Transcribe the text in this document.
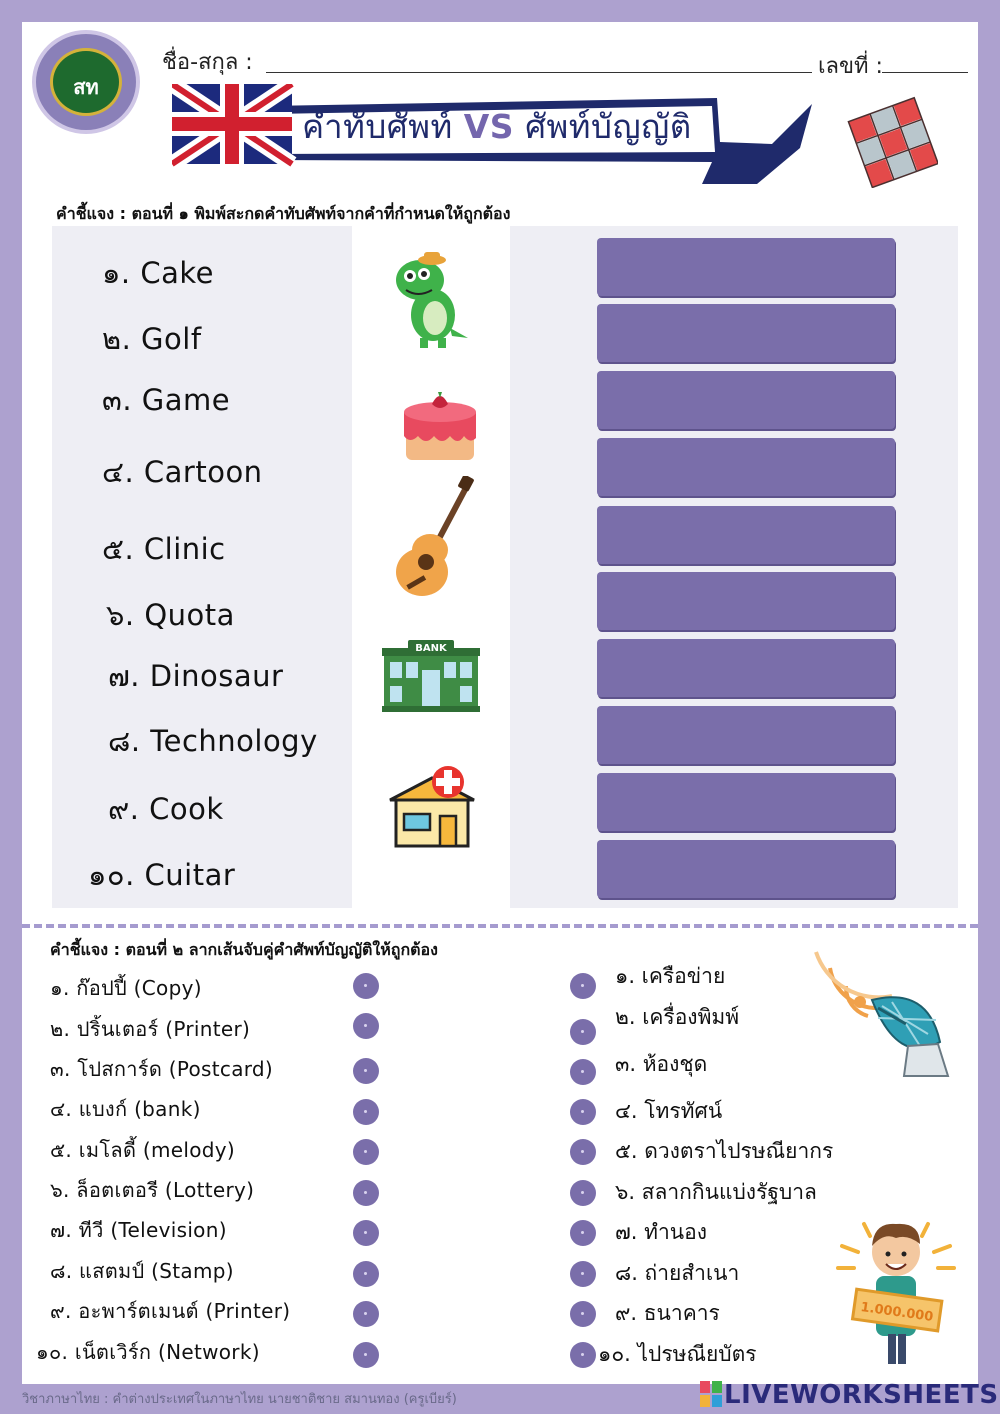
สท
ชื่อ-สกุล :	เลขที่ :
คำทับศัพท์ VS ศัพท์บัญญัติ
คำชี้แจง : ตอนที่ ๑ พิมพ์สะกดคำทับศัพท์จากคำที่กำหนดให้ถูกต้อง
๑. Cake
๒. Golf
๓. Game
๔. Cartoon
๕. Clinic
๖. Quota
๗. Dinosaur
๘. Technology
๙. Cook
๑๐. Cuitar
BANK
คำชี้แจง : ตอนที่ ๒ ลากเส้นจับคู่คำศัพท์บัญญัติให้ถูกต้อง
๑. ก๊อปปี้ (Copy)
๒. ปริ้นเตอร์ (Printer)
๓. โปสการ์ด (Postcard)
๔. แบงก์ (bank)
๕. เมโลดี้ (melody)
๖. ล็อตเตอรี (Lottery)
๗. ทีวี (Television)
๘. แสตมป์ (Stamp)
๙. อะพาร์ตเมนต์ (Printer)
๑๐. เน็ตเวิร์ก (Network)
๑. เครือข่าย
๒. เครื่องพิมพ์
๓. ห้องชุด
๔. โทรทัศน์
๕. ดวงตราไปรษณียากร
๖. สลากกินแบ่งรัฐบาล
๗. ทำนอง
๘. ถ่ายสำเนา
๙. ธนาคาร
๑๐. ไปรษณียบัตร
1.000.000
วิชาภาษาไทย : คำต่างประเทศในภาษาไทย นายชาติชาย สมานทอง (ครูเบียร์)	LIVEWORKSHEETS
